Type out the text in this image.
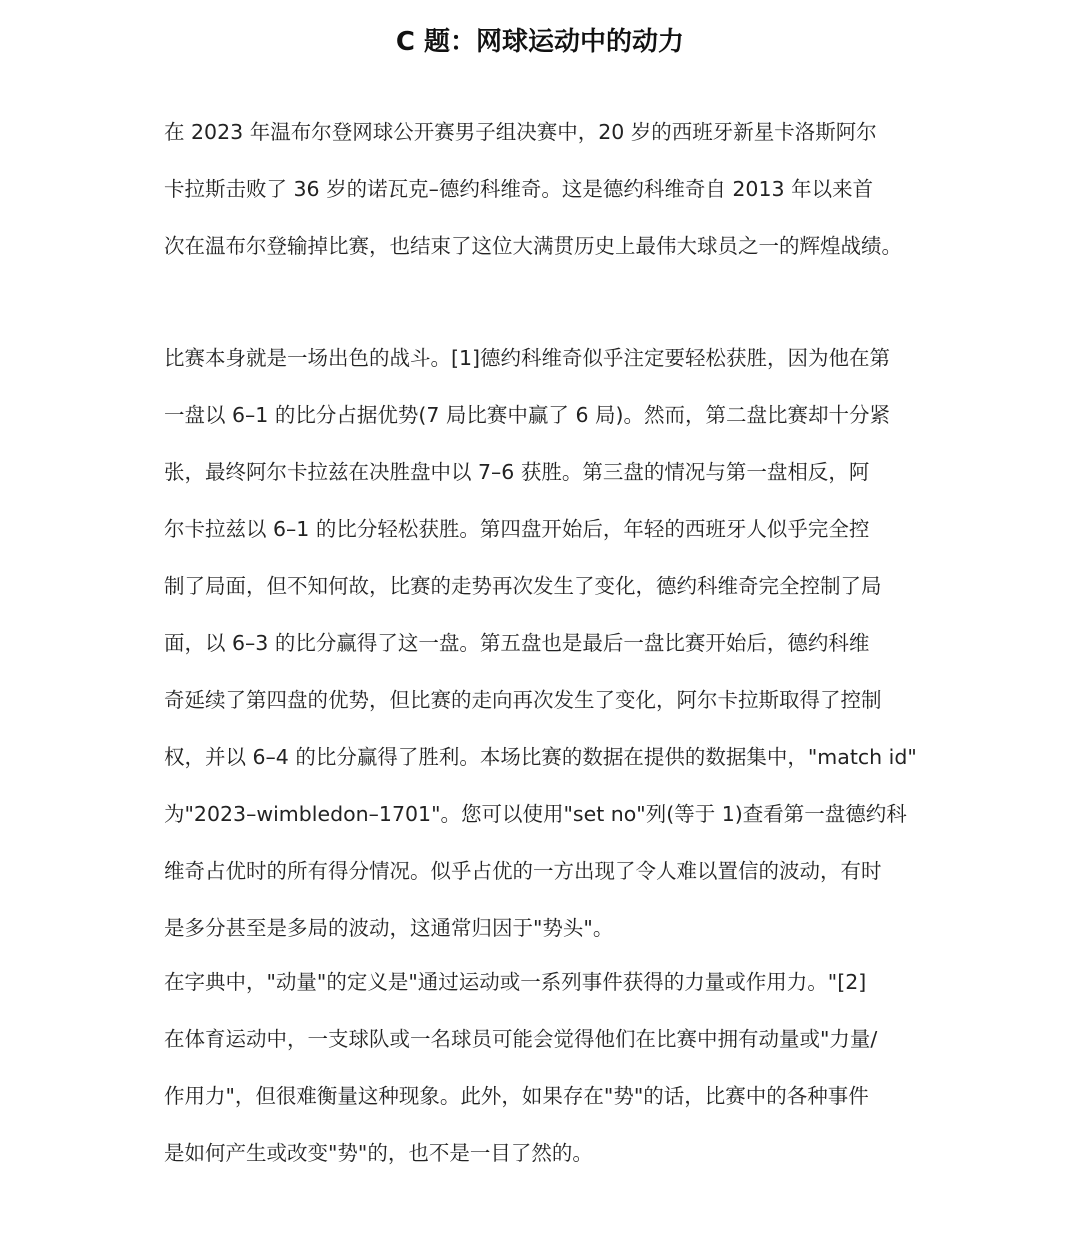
C 题：网球运动中的动力
在 2023 年温布尔登网球公开赛男子组决赛中，20 岁的西班牙新星卡洛斯阿尔
卡拉斯击败了 36 岁的诺瓦克–德约科维奇。这是德约科维奇自 2013 年以来首
次在温布尔登输掉比赛，也结束了这位大满贯历史上最伟大球员之一的辉煌战绩。
比赛本身就是一场出色的战斗。[1]德约科维奇似乎注定要轻松获胜，因为他在第
一盘以 6–1 的比分占据优势(7 局比赛中赢了 6 局)。然而，第二盘比赛却十分紧
张，最终阿尔卡拉兹在决胜盘中以 7–6 获胜。第三盘的情况与第一盘相反，阿
尔卡拉兹以 6–1 的比分轻松获胜。第四盘开始后，年轻的西班牙人似乎完全控
制了局面，但不知何故，比赛的走势再次发生了变化，德约科维奇完全控制了局
面，以 6–3 的比分赢得了这一盘。第五盘也是最后一盘比赛开始后，德约科维
奇延续了第四盘的优势，但比赛的走向再次发生了变化，阿尔卡拉斯取得了控制
权，并以 6–4 的比分赢得了胜利。本场比赛的数据在提供的数据集中，"match id"
为"2023–wimbledon–1701"。您可以使用"set no"列(等于 1)查看第一盘德约科
维奇占优时的所有得分情况。似乎占优的一方出现了令人难以置信的波动，有时
是多分甚至是多局的波动，这通常归因于"势头"。
在字典中，"动量"的定义是"通过运动或一系列事件获得的力量或作用力。"[2]
在体育运动中，一支球队或一名球员可能会觉得他们在比赛中拥有动量或"力量/
作用力"，但很难衡量这种现象。此外，如果存在"势"的话，比赛中的各种事件
是如何产生或改变"势"的，也不是一目了然的。
